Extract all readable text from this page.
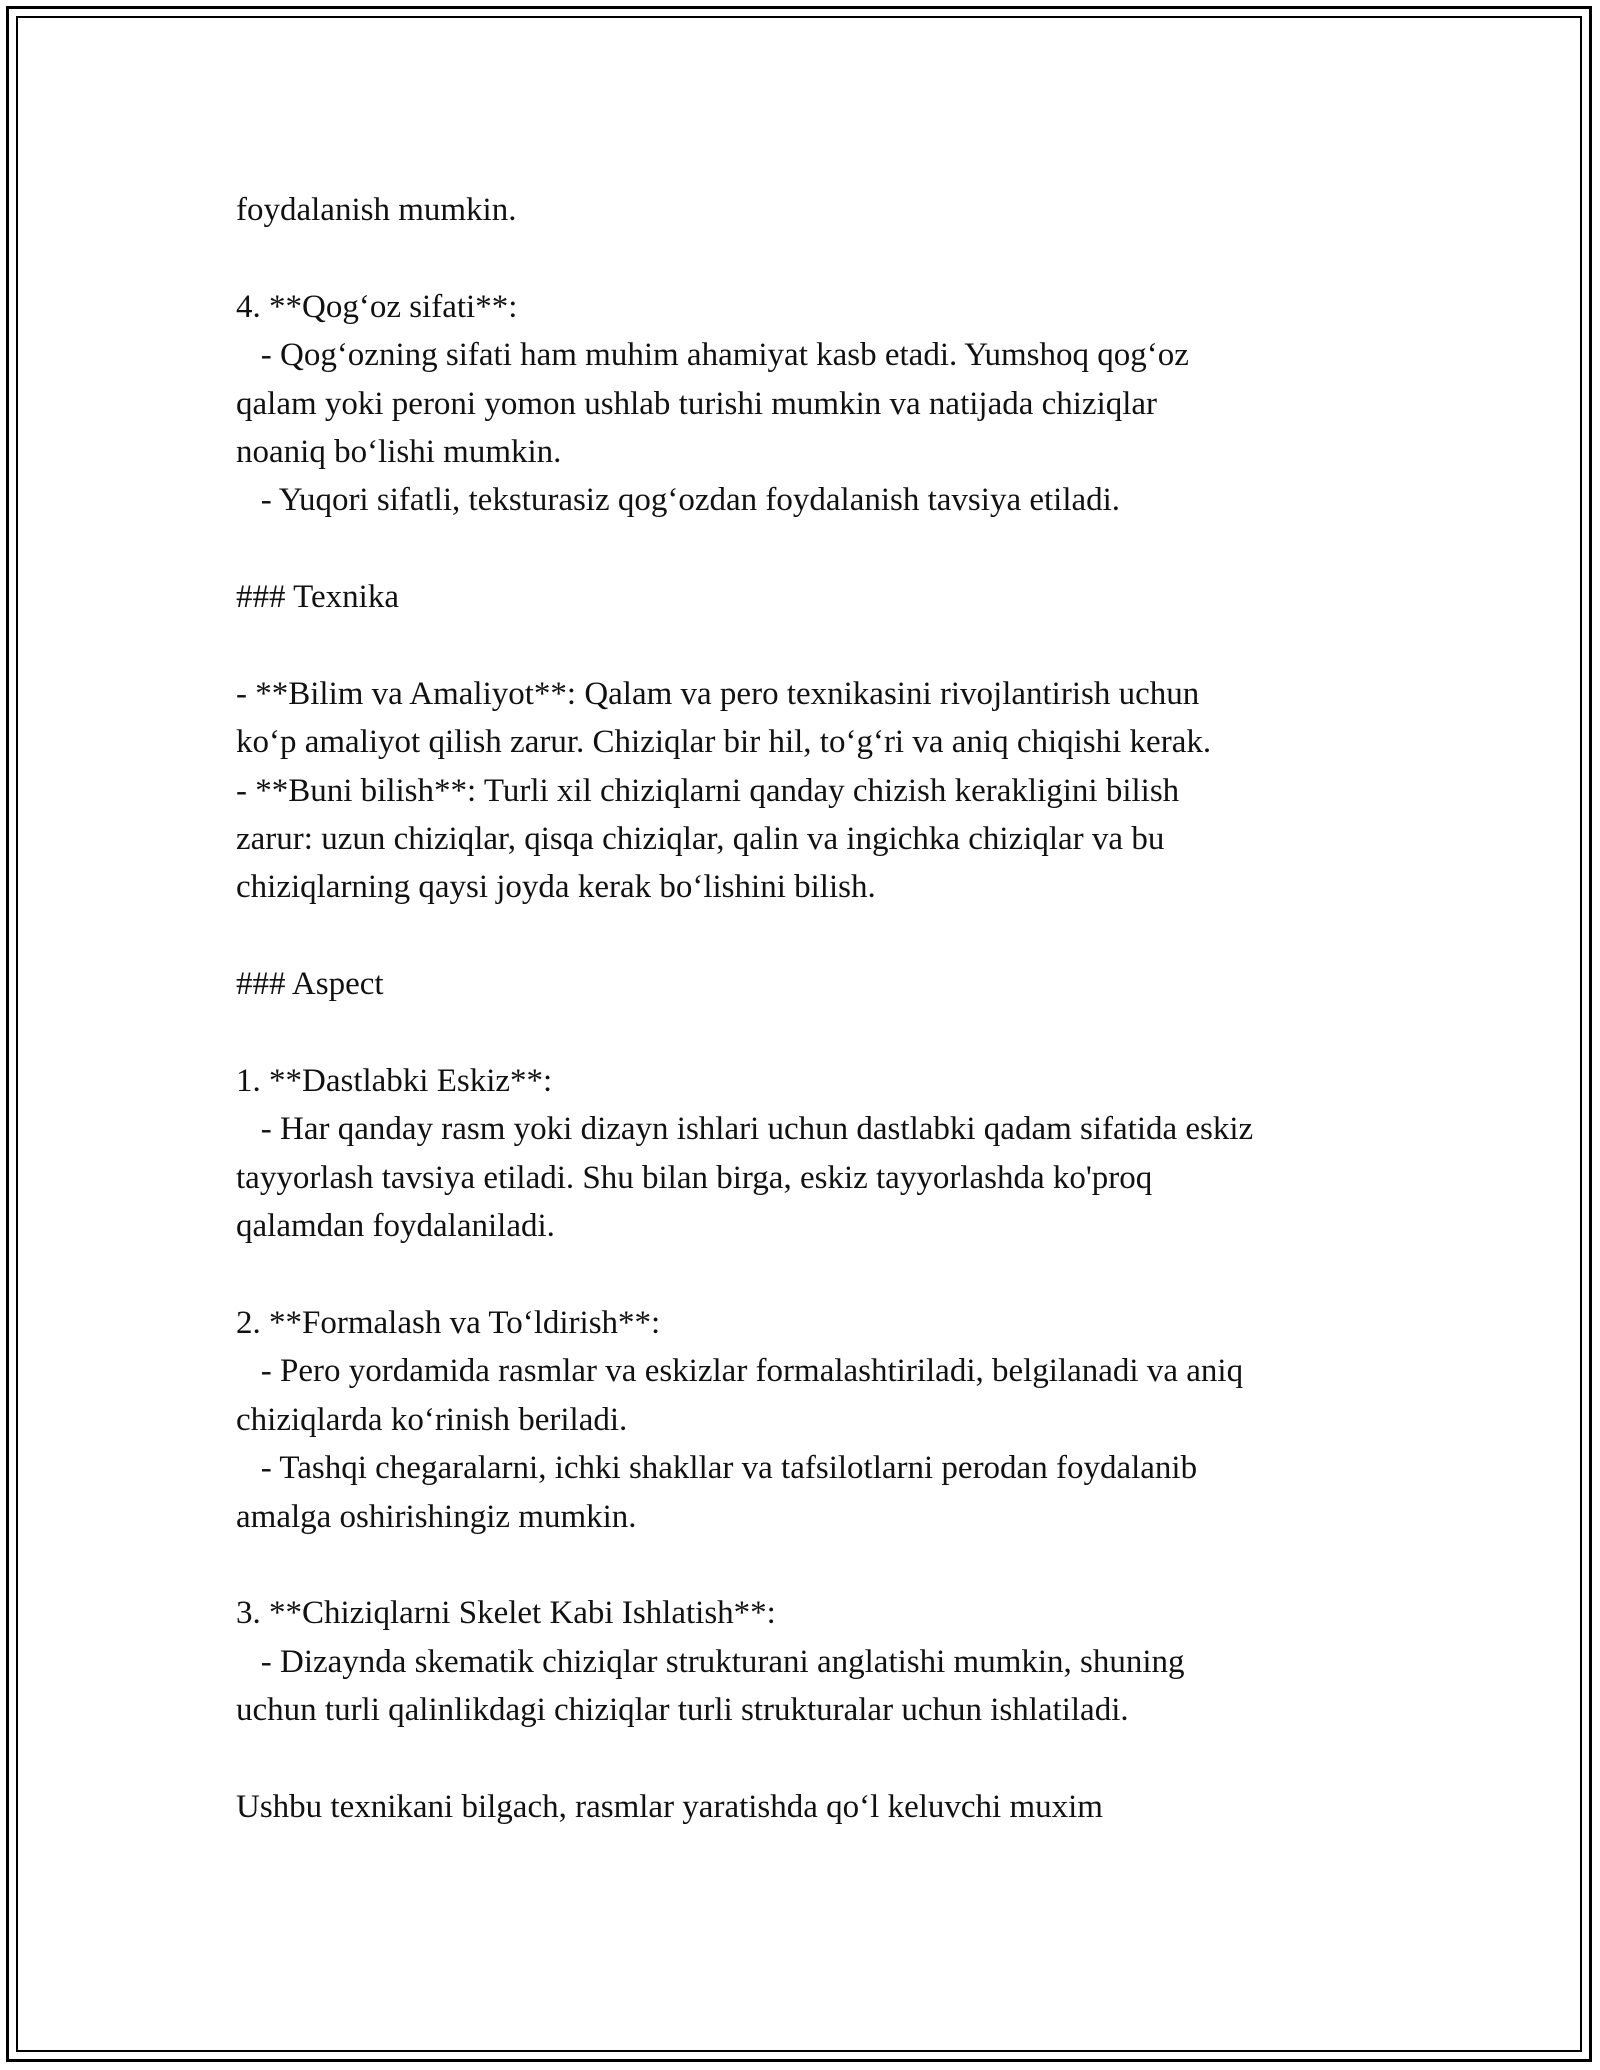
foydalanish mumkin.
4. **Qog‘oz sifati**:
- Qog‘ozning sifati ham muhim ahamiyat kasb etadi. Yumshoq qog‘oz
qalam yoki peroni yomon ushlab turishi mumkin va natijada chiziqlar
noaniq bo‘lishi mumkin.
- Yuqori sifatli, teksturasiz qog‘ozdan foydalanish tavsiya etiladi.
### Texnika
- **Bilim va Amaliyot**: Qalam va pero texnikasini rivojlantirish uchun
ko‘p amaliyot qilish zarur. Chiziqlar bir hil, to‘g‘ri va aniq chiqishi kerak.
- **Buni bilish**: Turli xil chiziqlarni qanday chizish kerakligini bilish
zarur: uzun chiziqlar, qisqa chiziqlar, qalin va ingichka chiziqlar va bu
chiziqlarning qaysi joyda kerak bo‘lishini bilish.
### Aspect
1. **Dastlabki Eskiz**:
- Har qanday rasm yoki dizayn ishlari uchun dastlabki qadam sifatida eskiz
tayyorlash tavsiya etiladi. Shu bilan birga, eskiz tayyorlashda ko'proq
qalamdan foydalaniladi.
2. **Formalash va To‘ldirish**:
- Pero yordamida rasmlar va eskizlar formalashtiriladi, belgilanadi va aniq
chiziqlarda ko‘rinish beriladi.
- Tashqi chegaralarni, ichki shakllar va tafsilotlarni perodan foydalanib
amalga oshirishingiz mumkin.
3. **Chiziqlarni Skelet Kabi Ishlatish**:
- Dizaynda skematik chiziqlar strukturani anglatishi mumkin, shuning
uchun turli qalinlikdagi chiziqlar turli strukturalar uchun ishlatiladi.
Ushbu texnikani bilgach, rasmlar yaratishda qo‘l keluvchi muxim
